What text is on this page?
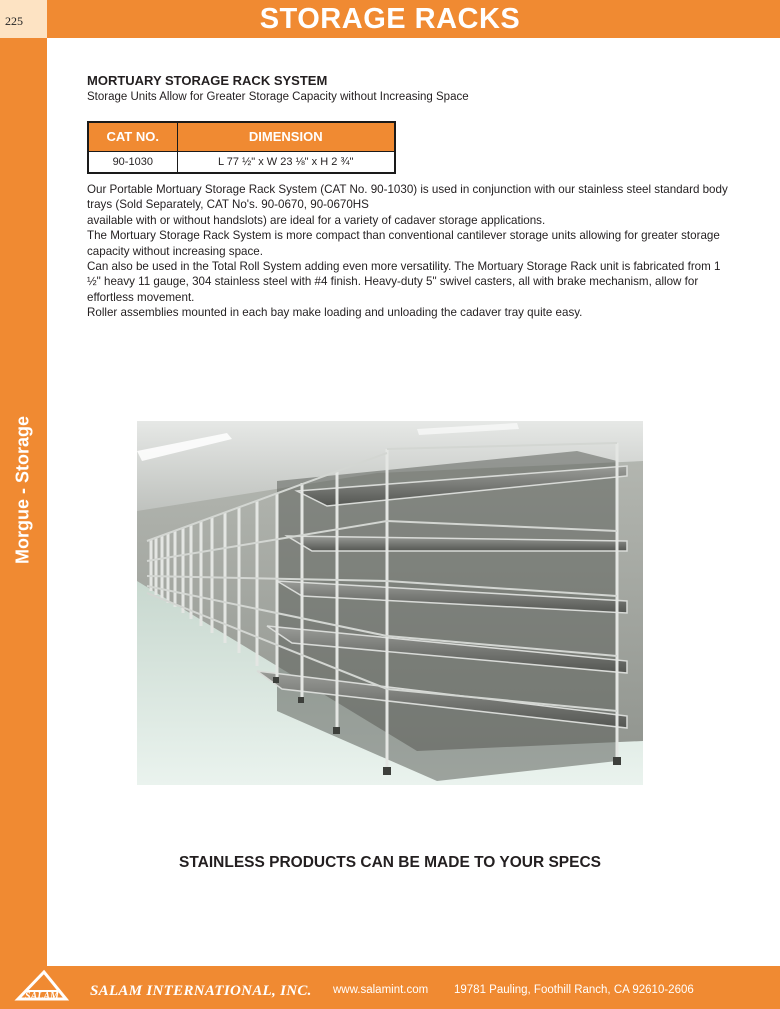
225	STORAGE RACKS
Morgue - Storage
MORTUARY STORAGE RACK SYSTEM
Storage Units Allow for Greater Storage Capacity without Increasing Space
CAT NO.	DIMENSION
90-1030	L 77 ½" x W 23 ⅛" x H 2 ¾"

Our Portable Mortuary Storage Rack System (CAT No. 90-1030) is used in conjunction with our stainless steel standard body trays (Sold Separately, CAT No's. 90-0670, 90-0670HS

available with or without handslots) are ideal for a variety of cadaver storage applications.

The Mortuary Storage Rack System is more compact than conventional cantilever storage units allowing for greater storage capacity without increasing space.

Can also be used in the Total Roll System adding even more versatility. The Mortuary Storage Rack unit is fabricated from 1 ½" heavy 11 gauge, 304 stainless steel with #4 finish. Heavy-duty 5" swivel casters, all with brake mechanism, allow for effortless movement.

Roller assemblies mounted in each bay make loading and unloading the cadaver tray quite easy.

STAINLESS PRODUCTS CAN BE MADE TO YOUR SPECS
SALAM SALAM INTERNATIONAL, INC. www.salamint.com 19781 Pauling, Foothill Ranch, CA 92610-2606
